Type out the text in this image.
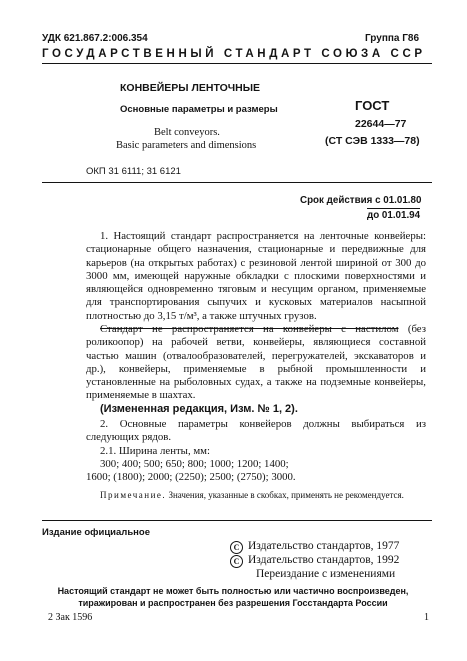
УДК 621.867.2:006.354	Группа Г86
ГОСУДАРСТВЕННЫЙ СТАНДАРТ СОЮЗА ССР
КОНВЕЙЕРЫ ЛЕНТОЧНЫЕ
Основные параметры и размеры
Belt conveyors.
Basic parameters and dimensions
ГОСТ
22644—77
(СТ СЭВ 1333—78)
ОКП 31 6111; 31 6121
Срок действия с 01.01.80
до 01.01.94
1. Настоящий стандарт распространяется на ленточные конвейеры: стационарные общего назначения, стационарные и передвижные для карьеров (на открытых работах) с резиновой лентой шириной от 300 до 3000 мм, имеющей наружные обкладки с плоскими поверхностями и являющейся одновременно тяговым и несущим органом, применяемые для транспортирования сыпучих и кусковых материалов насыпной плотностью до 3,15 т/м³, а также штучных грузов.
Стандарт не распространяется на конвейеры с настилом (без роликоопор) на рабочей ветви, конвейеры, являющиеся составной частью машин (отвалообразователей, перегружателей, экскаваторов и др.), конвейеры, применяемые в рыбной промышленности и установленные на рыболовных судах, а также на подземные конвейеры, применяемые в шахтах.
(Измененная редакция, Изм. № 1, 2).
2. Основные параметры конвейеров должны выбираться из следующих рядов.
2.1. Ширина ленты, мм:
300; 400; 500; 650; 800; 1000; 1200; 1400;
1600; (1800); 2000; (2250); 2500; (2750); 3000.
Примечание. Значения, указанные в скобках, применять не рекомендуется.
Издание официальное
С Издательство стандартов, 1977
С Издательство стандартов, 1992
Переиздание с изменениями
Настоящий стандарт не может быть полностью или частично воспроизведен,
тиражирован и распространен без разрешения Госстандарта России
2 Зак 1596	1
